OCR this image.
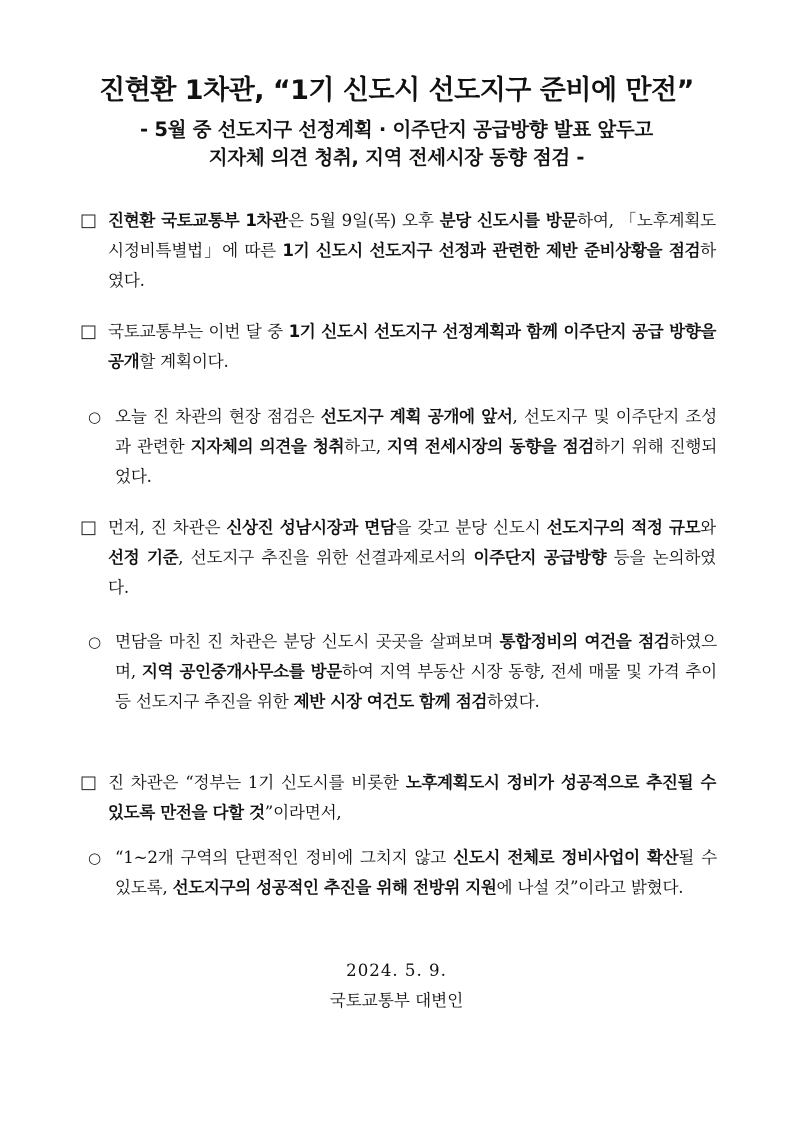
진현환 1차관, “1기 신도시 선도지구 준비에 만전”
- 5월 중 선도지구 선정계획 · 이주단지 공급방향 발표 앞두고
지자체 의견 청취, 지역 전세시장 동향 점검 -
□ 진현환 국토교통부 1차관은 5월 9일(목) 오후 분당 신도시를 방문하여, 「노후계획도시정비특별법」에 따른 1기 신도시 선도지구 선정과 관련한 제반 준비상황을 점검하였다.
□ 국토교통부는 이번 달 중 1기 신도시 선도지구 선정계획과 함께 이주단지 공급 방향을 공개할 계획이다.
○ 오늘 진 차관의 현장 점검은 선도지구 계획 공개에 앞서, 선도지구 및 이주단지 조성과 관련한 지자체의 의견을 청취하고, 지역 전세시장의 동향을 점검하기 위해 진행되었다.
□ 먼저, 진 차관은 신상진 성남시장과 면담을 갖고 분당 신도시 선도지구의 적정 규모와 선정 기준, 선도지구 추진을 위한 선결과제로서의 이주단지 공급방향 등을 논의하였다.
○ 면담을 마친 진 차관은 분당 신도시 곳곳을 살펴보며 통합정비의 여건을 점검하였으며, 지역 공인중개사무소를 방문하여 지역 부동산 시장 동향, 전세 매물 및 가격 추이 등 선도지구 추진을 위한 제반 시장 여건도 함께 점검하였다.
□ 진 차관은 “정부는 1기 신도시를 비롯한 노후계획도시 정비가 성공적으로 추진될 수 있도록 만전을 다할 것”이라면서,
○ “1~2개 구역의 단편적인 정비에 그치지 않고 신도시 전체로 정비사업이 확산될 수 있도록, 선도지구의 성공적인 추진을 위해 전방위 지원에 나설 것”이라고 밝혔다.
2024. 5. 9.
국토교통부 대변인
